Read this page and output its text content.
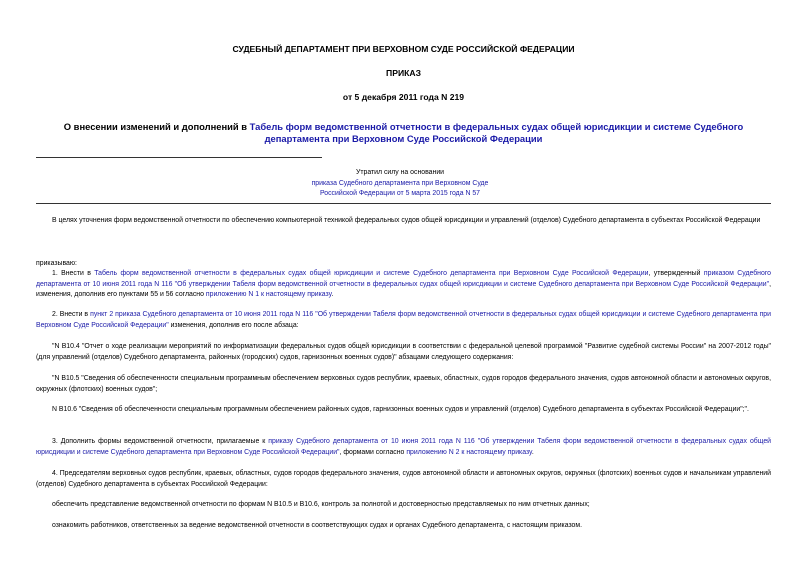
СУДЕБНЫЙ ДЕПАРТАМЕНТ ПРИ ВЕРХОВНОМ СУДЕ РОССИЙСКОЙ ФЕДЕРАЦИИ
ПРИКАЗ
от 5 декабря 2011 года N 219
О внесении изменений и дополнений в Табель форм ведомственной отчетности в федеральных судах общей юрисдикции и системе Судебного департамента при Верховном Суде Российской Федерации
Утратил силу на основании
приказа Судебного департамента при Верховном Суде
Российской Федерации от 5 марта 2015 года N 57
В целях уточнения форм ведомственной отчетности по обеспечению компьютерной техникой федеральных судов общей юрисдикции и управлений (отделов) Судебного департамента в субъектах Российской Федерации
приказываю:
1. Внести в Табель форм ведомственной отчетности в федеральных судах общей юрисдикции и системе Судебного департамента при Верховном Суде Российской Федерации, утвержденный приказом Судебного департамента от 10 июня 2011 года N 116 "Об утверждении Табеля форм ведомственной отчетности в федеральных судах общей юрисдикции и системе Судебного департамента при Верховном Суде Российской Федерации", изменения, дополнив его пунктами 55 и 56 согласно приложению N 1 к настоящему приказу.
2. Внести в пункт 2 приказа Судебного департамента от 10 июня 2011 года N 116 "Об утверждении Табеля форм ведомственной отчетности в федеральных судах общей юрисдикции и системе Судебного департамента при Верховном Суде Российской Федерации" изменения, дополнив его после абзаца:
"N В10.4 "Отчет о ходе реализации мероприятий по информатизации федеральных судов общей юрисдикции в соответствии с федеральной целевой программой "Развитие судебной системы России" на 2007-2012 годы" (для управлений (отделов) Судебного департамента, районных (городских) судов, гарнизонных военных судов)" абзацами следующего содержания:
"N В10.5 "Сведения об обеспеченности специальным программным обеспечением верховных судов республик, краевых, областных, судов городов федерального значения, судов автономной области и автономных округов, окружных (флотских) военных судов";
N В10.6 "Сведения об обеспеченности специальным программным обеспечением районных судов, гарнизонных военных судов и управлений (отделов) Судебного департамента в субъектах Российской Федерации";".
3. Дополнить формы ведомственной отчетности, прилагаемые к приказу Судебного департамента от 10 июня 2011 года N 116 "Об утверждении Табеля форм ведомственной отчетности в федеральных судах общей юрисдикции и системе Судебного департамента при Верховном Суде Российской Федерации", формами согласно приложению N 2 к настоящему приказу.
4. Председателям верховных судов республик, краевых, областных, судов городов федерального значения, судов автономной области и автономных округов, окружных (флотских) военных судов и начальникам управлений (отделов) Судебного департамента в субъектах Российской Федерации:
обеспечить представление ведомственной отчетности по формам N В10.5 и В10.6, контроль за полнотой и достоверностью представляемых по ним отчетных данных;
ознакомить работников, ответственных за ведение ведомственной отчетности в соответствующих судах и органах Судебного департамента, с настоящим приказом.
